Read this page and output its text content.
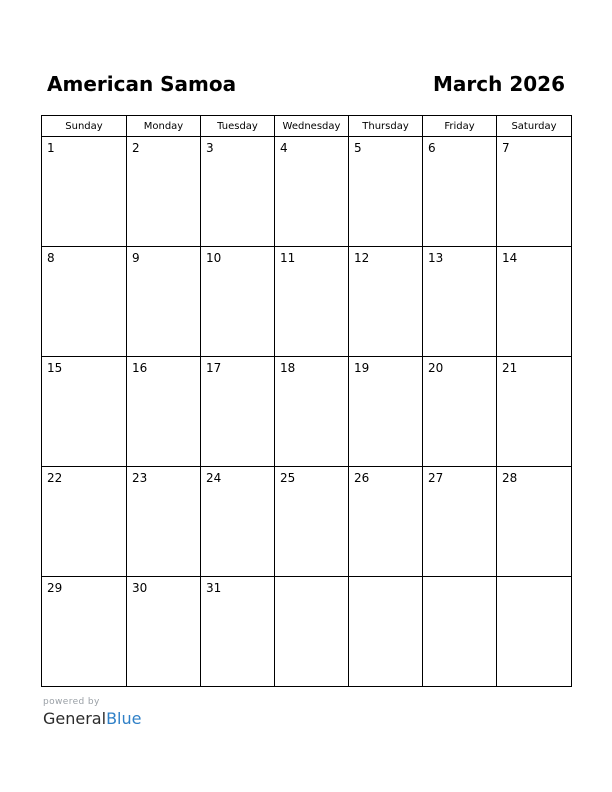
American Samoa	March 2026
Sunday	Monday	Tuesday	Wednesday	Thursday	Friday	Saturday

1	2	3	4	5	6	7

8	9	10	11	12	13	14

15	16	17	18	19	20	21

22	23	24	25	26	27	28

29	30	31				

powered by
GeneralBlue
